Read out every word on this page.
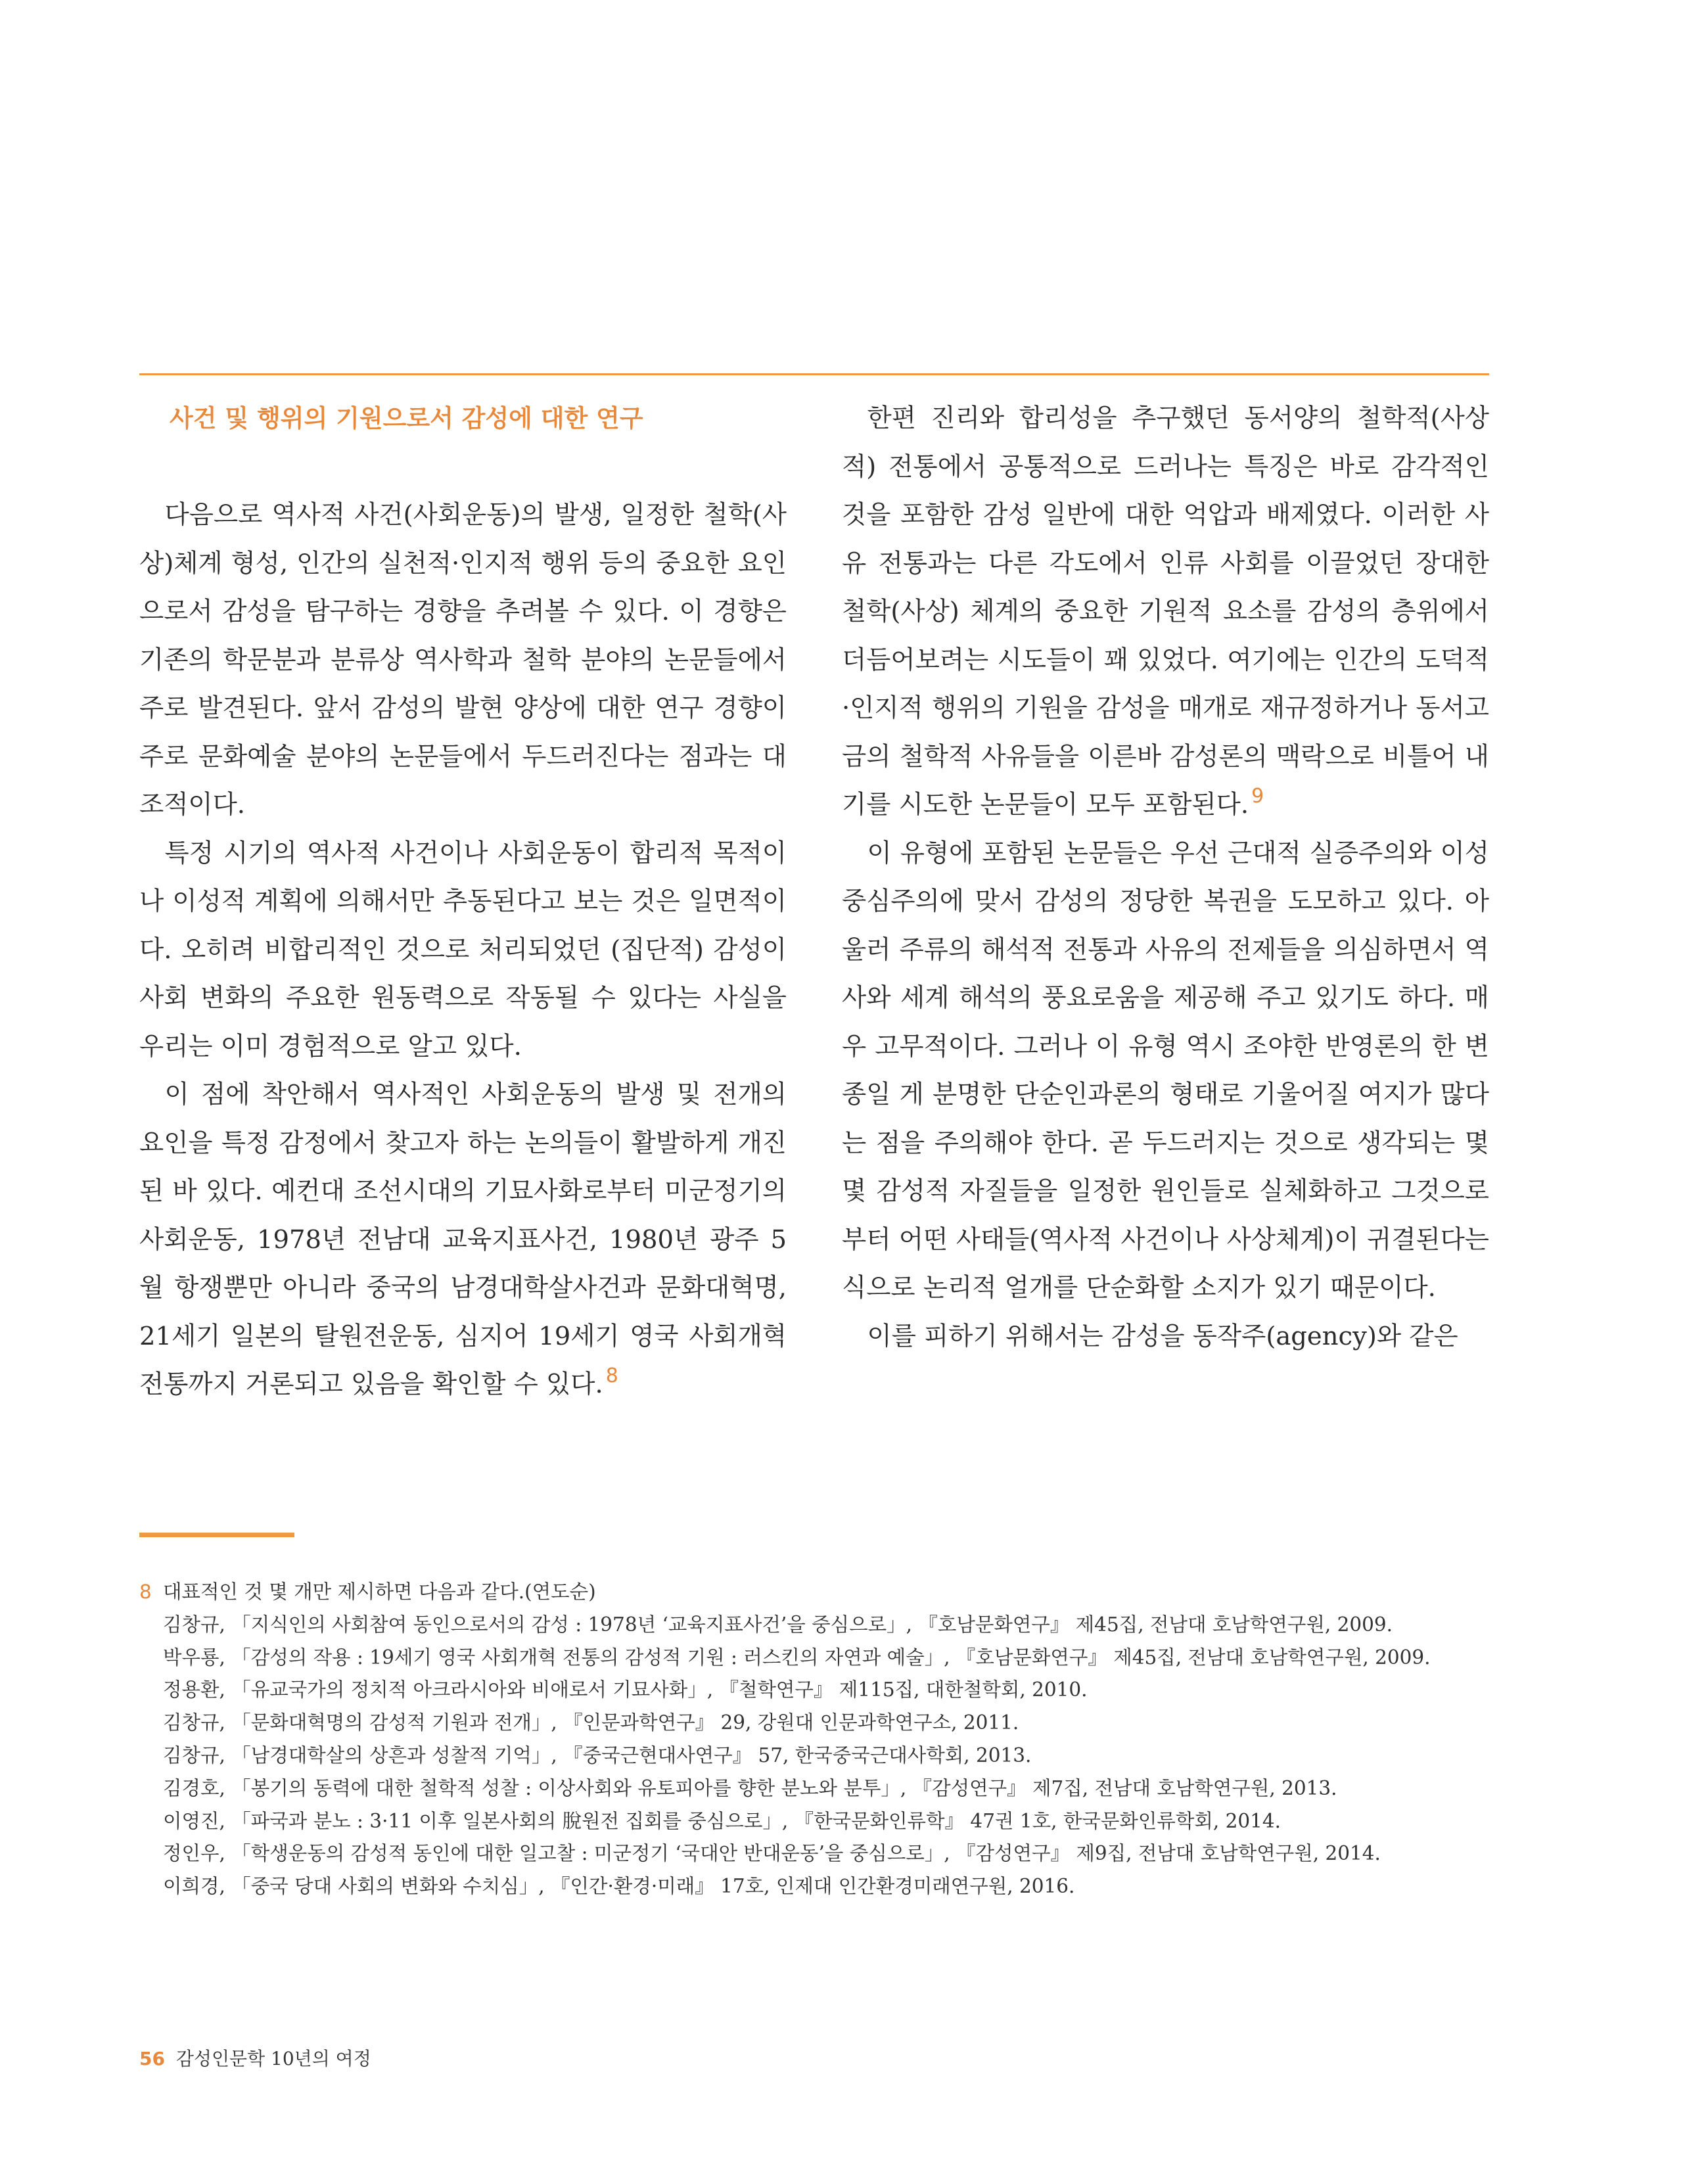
사건 및 행위의 기원으로서 감성에 대한 연구

다음으로 역사적 사건(사회운동)의 발생, 일정한 철학(사상)체계 형성, 인간의 실천적·인지적 행위 등의 중요한 요인으로서 감성을 탐구하는 경향을 추려볼 수 있다. 이 경향은 기존의 학문분과 분류상 역사학과 철학 분야의 논문들에서 주로 발견된다. 앞서 감성의 발현 양상에 대한 연구 경향이 주로 문화예술 분야의 논문들에서 두드러진다는 점과는 대조적이다.

특정 시기의 역사적 사건이나 사회운동이 합리적 목적이나 이성적 계획에 의해서만 추동된다고 보는 것은 일면적이다. 오히려 비합리적인 것으로 처리되었던 (집단적) 감성이 사회 변화의 주요한 원동력으로 작동될 수 있다는 사실을 우리는 이미 경험적으로 알고 있다.

이 점에 착안해서 역사적인 사회운동의 발생 및 전개의 요인을 특정 감정에서 찾고자 하는 논의들이 활발하게 개진된 바 있다. 예컨대 조선시대의 기묘사화로부터 미군정기의 사회운동, 1978년 전남대 교육지표사건, 1980년 광주 5월 항쟁뿐만 아니라 중국의 남경대학살사건과 문화대혁명, 21세기 일본의 탈원전운동, 심지어 19세기 영국 사회개혁 전통까지 거론되고 있음을 확인할 수 있다. $^8$

한편 진리와 합리성을 추구했던 동서양의 철학적(사상적) 전통에서 공통적으로 드러나는 특징은 바로 감각적인 것을 포함한 감성 일반에 대한 억압과 배제였다. 이러한 사유 전통과는 다른 각도에서 인류 사회를 이끌었던 장대한 철학(사상) 체계의 중요한 기원적 요소를 감성의 층위에서 더듬어보려는 시도들이 꽤 있었다. 여기에는 인간의 도덕적·인지적 행위의 기원을 감성을 매개로 재규정하거나 동서고금의 철학적 사유들을 이른바 감성론의 맥락으로 비틀어 내기를 시도한 논문들이 모두 포함된다. $^9$

이 유형에 포함된 논문들은 우선 근대적 실증주의와 이성중심주의에 맞서 감성의 정당한 복권을 도모하고 있다. 아울러 주류의 해석적 전통과 사유의 전제들을 의심하면서 역사와 세계 해석의 풍요로움을 제공해 주고 있기도 하다. 매우 고무적이다. 그러나 이 유형 역시 조야한 반영론의 한 변종일 게 분명한 단순인과론의 형태로 기울어질 여지가 많다는 점을 주의해야 한다. 곧 두드러지는 것으로 생각되는 몇몇 감성적 자질들을 일정한 원인들로 실체화하고 그것으로부터 어떤 사태들(역사적 사건이나 사상체계)이 귀결된다는 식으로 논리적 얼개를 단순화할 소지가 있기 때문이다.

이를 피하기 위해서는 감성을 동작주(agency)와 같은

8 대표적인 것 몇 개만 제시하면 다음과 같다.(연도순)
김창규, 「지식인의 사회참여 동인으로서의 감성 : 1978년 ‘교육지표사건’을 중심으로」, 『호남문화연구』 제45집, 전남대 호남학연구원, 2009.
박우룡, 「감성의 작용 : 19세기 영국 사회개혁 전통의 감성적 기원 : 러스킨의 자연과 예술」, 『호남문화연구』 제45집, 전남대 호남학연구원, 2009.
정용환, 「유교국가의 정치적 아크라시아와 비애로서 기묘사화」, 『철학연구』 제115집, 대한철학회, 2010.
김창규, 「문화대혁명의 감성적 기원과 전개」, 『인문과학연구』 29, 강원대 인문과학연구소, 2011.
김창규, 「남경대학살의 상흔과 성찰적 기억」, 『중국근현대사연구』 57, 한국중국근대사학회, 2013.
김경호, 「봉기의 동력에 대한 철학적 성찰 : 이상사회와 유토피아를 향한 분노와 분투」, 『감성연구』 제7집, 전남대 호남학연구원, 2013.
이영진, 「파국과 분노 : 3·11 이후 일본사회의 脫원전 집회를 중심으로」, 『한국문화인류학』 47권 1호, 한국문화인류학회, 2014.
정인우, 「학생운동의 감성적 동인에 대한 일고찰 : 미군정기 ‘국대안 반대운동’을 중심으로」, 『감성연구』 제9집, 전남대 호남학연구원, 2014.
이희경, 「중국 당대 사회의 변화와 수치심」, 『인간·환경·미래』 17호, 인제대 인간환경미래연구원, 2016.
56 감성인문학 10년의 여정
